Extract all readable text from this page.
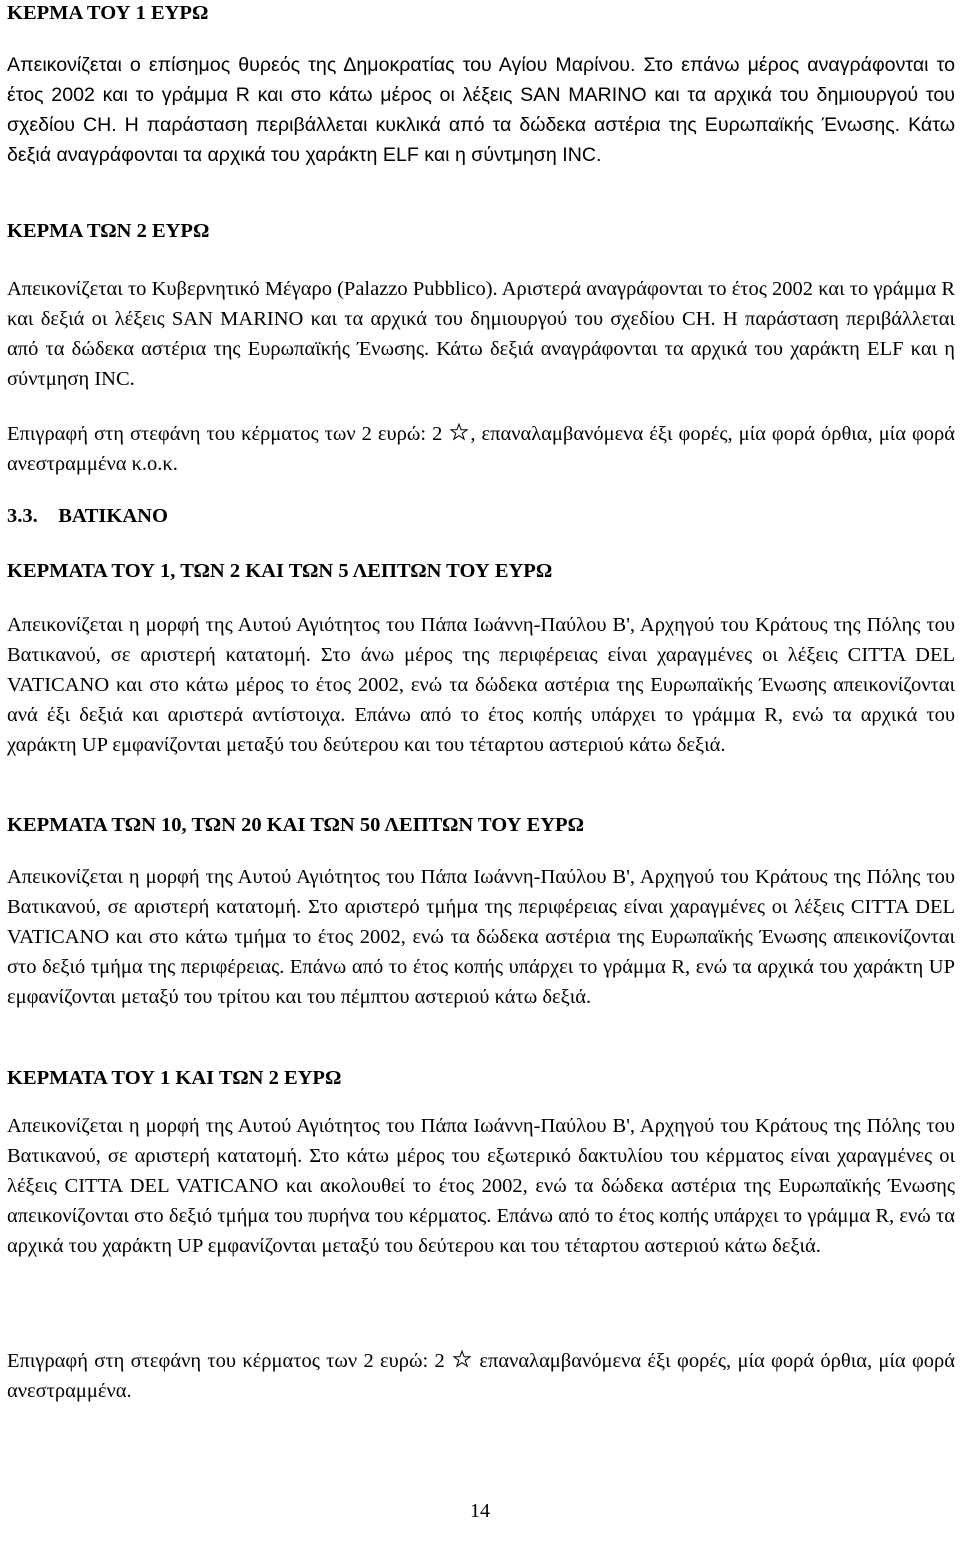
ΚΕΡΜΑ ΤΟΥ 1 ΕΥΡΩ

Απεικονίζεται ο επίσημος θυρεός της Δημοκρατίας του Αγίου Μαρίνου. Στο επάνω μέρος αναγράφονται το έτος 2002 και το γράμμα R και στο κάτω μέρος οι λέξεις SAN MARINO και τα αρχικά του δημιουργού του σχεδίου CH. Η παράσταση περιβάλλεται κυκλικά από τα δώδεκα αστέρια της Ευρωπαϊκής Ένωσης. Κάτω δεξιά αναγράφονται τα αρχικά του χαράκτη ELF και η σύντμηση INC.

ΚΕΡΜΑ ΤΩΝ 2 ΕΥΡΩ

Απεικονίζεται το Κυβερνητικό Μέγαρο (Palazzo Pubblico). Αριστερά αναγράφονται το έτος 2002 και το γράμμα R και δεξιά οι λέξεις SAN MARINO και τα αρχικά του δημιουργού του σχεδίου CH. Η παράσταση περιβάλλεται από τα δώδεκα αστέρια της Ευρωπαϊκής Ένωσης. Κάτω δεξιά αναγράφονται τα αρχικά του χαράκτη ELF και η σύντμηση INC.

Επιγραφή στη στεφάνη του κέρματος των 2 ευρώ: 2 , επαναλαμβανόμενα έξι φορές, μία φορά όρθια, μία φορά ανεστραμμένα κ.ο.κ.

3.3.    ΒΑΤΙΚΑΝΟ

ΚΕΡΜΑΤΑ ΤΟΥ 1, ΤΩΝ 2 ΚΑΙ ΤΩΝ 5 ΛΕΠΤΩΝ ΤΟΥ ΕΥΡΩ

Απεικονίζεται η μορφή της Αυτού Αγιότητος του Πάπα Ιωάννη-Παύλου Β', Αρχηγού του Κράτους της Πόλης του Βατικανού, σε αριστερή κατατομή. Στο άνω μέρος της περιφέρειας είναι χαραγμένες οι λέξεις CITTA DEL VATICANO και στο κάτω μέρος το έτος 2002, ενώ τα δώδεκα αστέρια της Ευρωπαϊκής Ένωσης απεικονίζονται ανά έξι δεξιά και αριστερά αντίστοιχα. Επάνω από το έτος κοπής υπάρχει το γράμμα R, ενώ τα αρχικά του χαράκτη UP εμφανίζονται μεταξύ του δεύτερου και του τέταρτου αστεριού κάτω δεξιά.

ΚΕΡΜΑΤΑ ΤΩΝ 10, ΤΩΝ 20 ΚΑΙ ΤΩΝ 50 ΛΕΠΤΩΝ ΤΟΥ ΕΥΡΩ

Απεικονίζεται η μορφή της Αυτού Αγιότητος του Πάπα Ιωάννη-Παύλου Β', Αρχηγού του Κράτους της Πόλης του Βατικανού, σε αριστερή κατατομή. Στο αριστερό τμήμα της περιφέρειας είναι χαραγμένες οι λέξεις CITTA DEL VATICANO και στο κάτω τμήμα το έτος 2002, ενώ τα δώδεκα αστέρια της Ευρωπαϊκής Ένωσης απεικονίζονται στο δεξιό τμήμα της περιφέρειας. Επάνω από το έτος κοπής υπάρχει το γράμμα R, ενώ τα αρχικά του χαράκτη UP εμφανίζονται μεταξύ του τρίτου και του πέμπτου αστεριού κάτω δεξιά.

ΚΕΡΜΑΤΑ ΤΟΥ 1 ΚΑΙ ΤΩΝ 2 ΕΥΡΩ

Απεικονίζεται η μορφή της Αυτού Αγιότητος του Πάπα Ιωάννη-Παύλου Β', Αρχηγού του Κράτους της Πόλης του Βατικανού, σε αριστερή κατατομή. Στο κάτω μέρος του εξωτερικό δακτυλίου του κέρματος είναι χαραγμένες οι λέξεις CITTA DEL VATICANO και ακολουθεί το έτος 2002, ενώ τα δώδεκα αστέρια της Ευρωπαϊκής Ένωσης απεικονίζονται στο δεξιό τμήμα του πυρήνα του κέρματος. Επάνω από το έτος κοπής υπάρχει το γράμμα R, ενώ τα αρχικά του χαράκτη UP εμφανίζονται μεταξύ του δεύτερου και του τέταρτου αστεριού κάτω δεξιά.

Επιγραφή στη στεφάνη του κέρματος των 2 ευρώ: 2  επαναλαμβανόμενα έξι φορές, μία φορά όρθια, μία φορά ανεστραμμένα.

14
